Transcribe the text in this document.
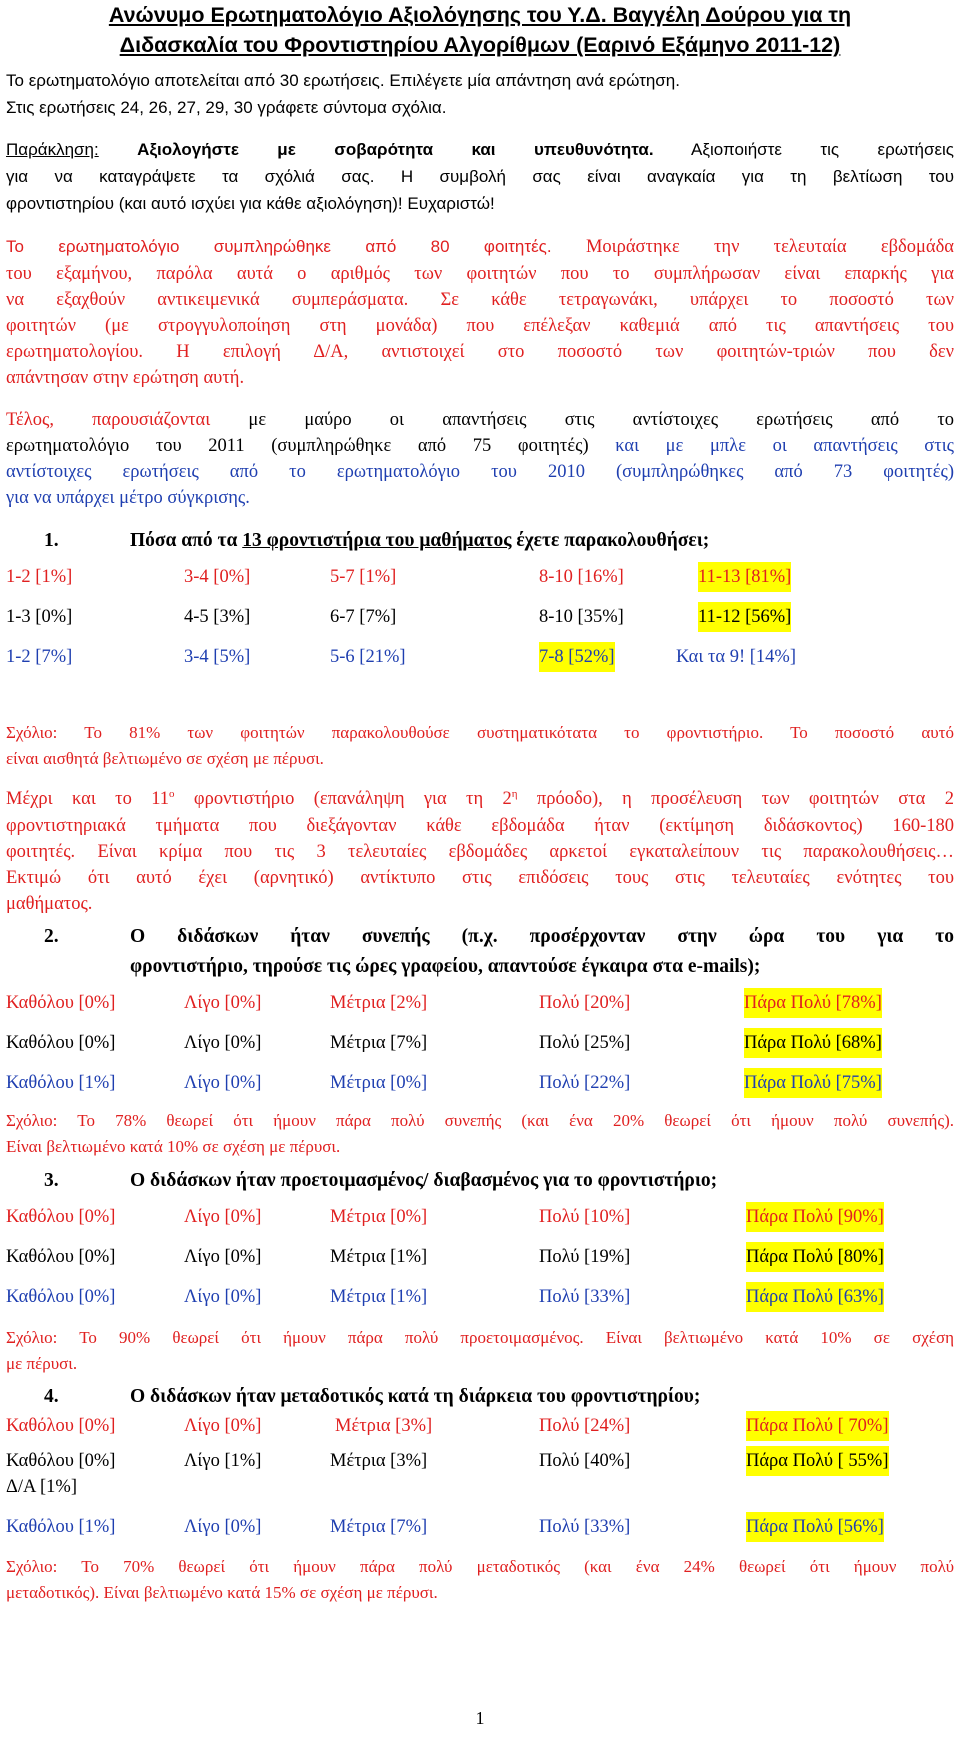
Ανώνυμο Ερωτηματολόγιο Αξιολόγησης του Υ.Δ. Βαγγέλη Δούρου για τη
Διδασκαλία του Φροντιστηρίου Αλγορίθμων (Εαρινό Εξάμηνο 2011-12)
Το ερωτηματολόγιο αποτελείται από 30 ερωτήσεις. Επιλέγετε μία απάντηση ανά ερώτηση.
Στις ερωτήσεις 24, 26, 27, 29, 30 γράφετε σύντομα σχόλια.
Παράκληση: Αξιολογήστε με σοβαρότητα και υπευθυνότητα. Αξιοποιήστε τις ερωτήσεις
για να καταγράψετε τα σχόλιά σας. Η συμβολή σας είναι αναγκαία για τη βελτίωση του
φροντιστηρίου (και αυτό ισχύει για κάθε αξιολόγηση)! Ευχαριστώ!
Το ερωτηματολόγιο συμπληρώθηκε από 80 φοιτητές. Μοιράστηκε την τελευταία εβδομάδα
του εξαμήνου, παρόλα αυτά ο αριθμός των φοιτητών που το συμπλήρωσαν είναι επαρκής για
να εξαχθούν αντικειμενικά συμπεράσματα. Σε κάθε τετραγωνάκι, υπάρχει το ποσοστό των
φοιτητών (με στρογγυλοποίηση στη μονάδα) που επέλεξαν καθεμιά από τις απαντήσεις του
ερωτηματολογίου. Η επιλογή Δ/Α, αντιστοιχεί στο ποσοστό των φοιτητών-τριών που δεν
απάντησαν στην ερώτηση αυτή.
Τέλος, παρουσιάζονται με μαύρο οι απαντήσεις στις αντίστοιχες ερωτήσεις από το
ερωτηματολόγιο του 2011 (συμπληρώθηκε από 75 φοιτητές) και με μπλε οι απαντήσεις στις
αντίστοιχες ερωτήσεις από το ερωτηματολόγιο του 2010 (συμπληρώθηκες από 73 φοιτητές)
για να υπάρχει μέτρο σύγκρισης.
1.	Πόσα από τα 13 φροντιστήρια του μαθήματος έχετε παρακολουθήσει;
1-2 [1%]	3-4 [0%]	5-7 [1%]	8-10 [16%]	11-13 [81%]
1-3 [0%]	4-5 [3%]	6-7 [7%]	8-10 [35%]	11-12 [56%]
1-2 [7%]	3-4 [5%]	5-6 [21%]	7-8 [52%]	Και τα 9! [14%]
Σχόλιο: Το 81% των φοιτητών παρακολουθούσε συστηματικότατα το φροντιστήριο. Το ποσοστό αυτό
είναι αισθητά βελτιωμένο σε σχέση με πέρυσι.
Μέχρι και το $11^o$ φροντιστήριο (επανάληψη για τη $2^\eta$ πρόοδο), η προσέλευση των φοιτητών στα 2
φροντιστηριακά τμήματα που διεξάγονταν κάθε εβδομάδα ήταν (εκτίμηση διδάσκοντος) 160-180
φοιτητές. Είναι κρίμα που τις 3 τελευταίες εβδομάδες αρκετοί εγκαταλείπουν τις παρακολουθήσεις…
Εκτιμώ ότι αυτό έχει (αρνητικό) αντίκτυπο στις επιδόσεις τους στις τελευταίες ενότητες του
μαθήματος.
2.	Ο διδάσκων ήταν συνεπής (π.χ. προσέρχονταν στην ώρα του για το
φροντιστήριο, τηρούσε τις ώρες γραφείου, απαντούσε έγκαιρα στα e-mails);
Καθόλου [0%]	Λίγο [0%]	Μέτρια [2%]	Πολύ [20%]	Πάρα Πολύ [78%]
Καθόλου [0%]	Λίγο [0%]	Μέτρια [7%]	Πολύ [25%]	Πάρα Πολύ [68%]
Καθόλου [1%]	Λίγο [0%]	Μέτρια [0%]	Πολύ [22%]	Πάρα Πολύ [75%]
Σχόλιο: Το 78% θεωρεί ότι ήμουν πάρα πολύ συνεπής (και ένα 20% θεωρεί ότι ήμουν πολύ συνεπής).
Είναι βελτιωμένο κατά 10% σε σχέση με πέρυσι.
3.	Ο διδάσκων ήταν προετοιμασμένος/ διαβασμένος για το φροντιστήριο;
Καθόλου [0%]	Λίγο [0%]	Μέτρια [0%]	Πολύ [10%]	Πάρα Πολύ [90%]
Καθόλου [0%]	Λίγο [0%]	Μέτρια [1%]	Πολύ [19%]	Πάρα Πολύ [80%]
Καθόλου [0%]	Λίγο [0%]	Μέτρια [1%]	Πολύ [33%]	Πάρα Πολύ [63%]
Σχόλιο: Το 90% θεωρεί ότι ήμουν πάρα πολύ προετοιμασμένος. Είναι βελτιωμένο κατά 10% σε σχέση
με πέρυσι.
4.	Ο διδάσκων ήταν μεταδοτικός κατά τη διάρκεια του φροντιστηρίου;
Καθόλου [0%]	Λίγο [0%]	Μέτρια [3%]	Πολύ [24%]	Πάρα Πολύ [ 70%]
Καθόλου [0%]	Λίγο [1%]	Μέτρια [3%]	Πολύ [40%]	Πάρα Πολύ [ 55%]
Δ/Α [1%]
Καθόλου [1%]	Λίγο [0%]	Μέτρια [7%]	Πολύ [33%]	Πάρα Πολύ [56%]
Σχόλιο: Το 70% θεωρεί ότι ήμουν πάρα πολύ μεταδοτικός (και ένα 24% θεωρεί ότι ήμουν πολύ
μεταδοτικός). Είναι βελτιωμένο κατά 15% σε σχέση με πέρυσι.
1
